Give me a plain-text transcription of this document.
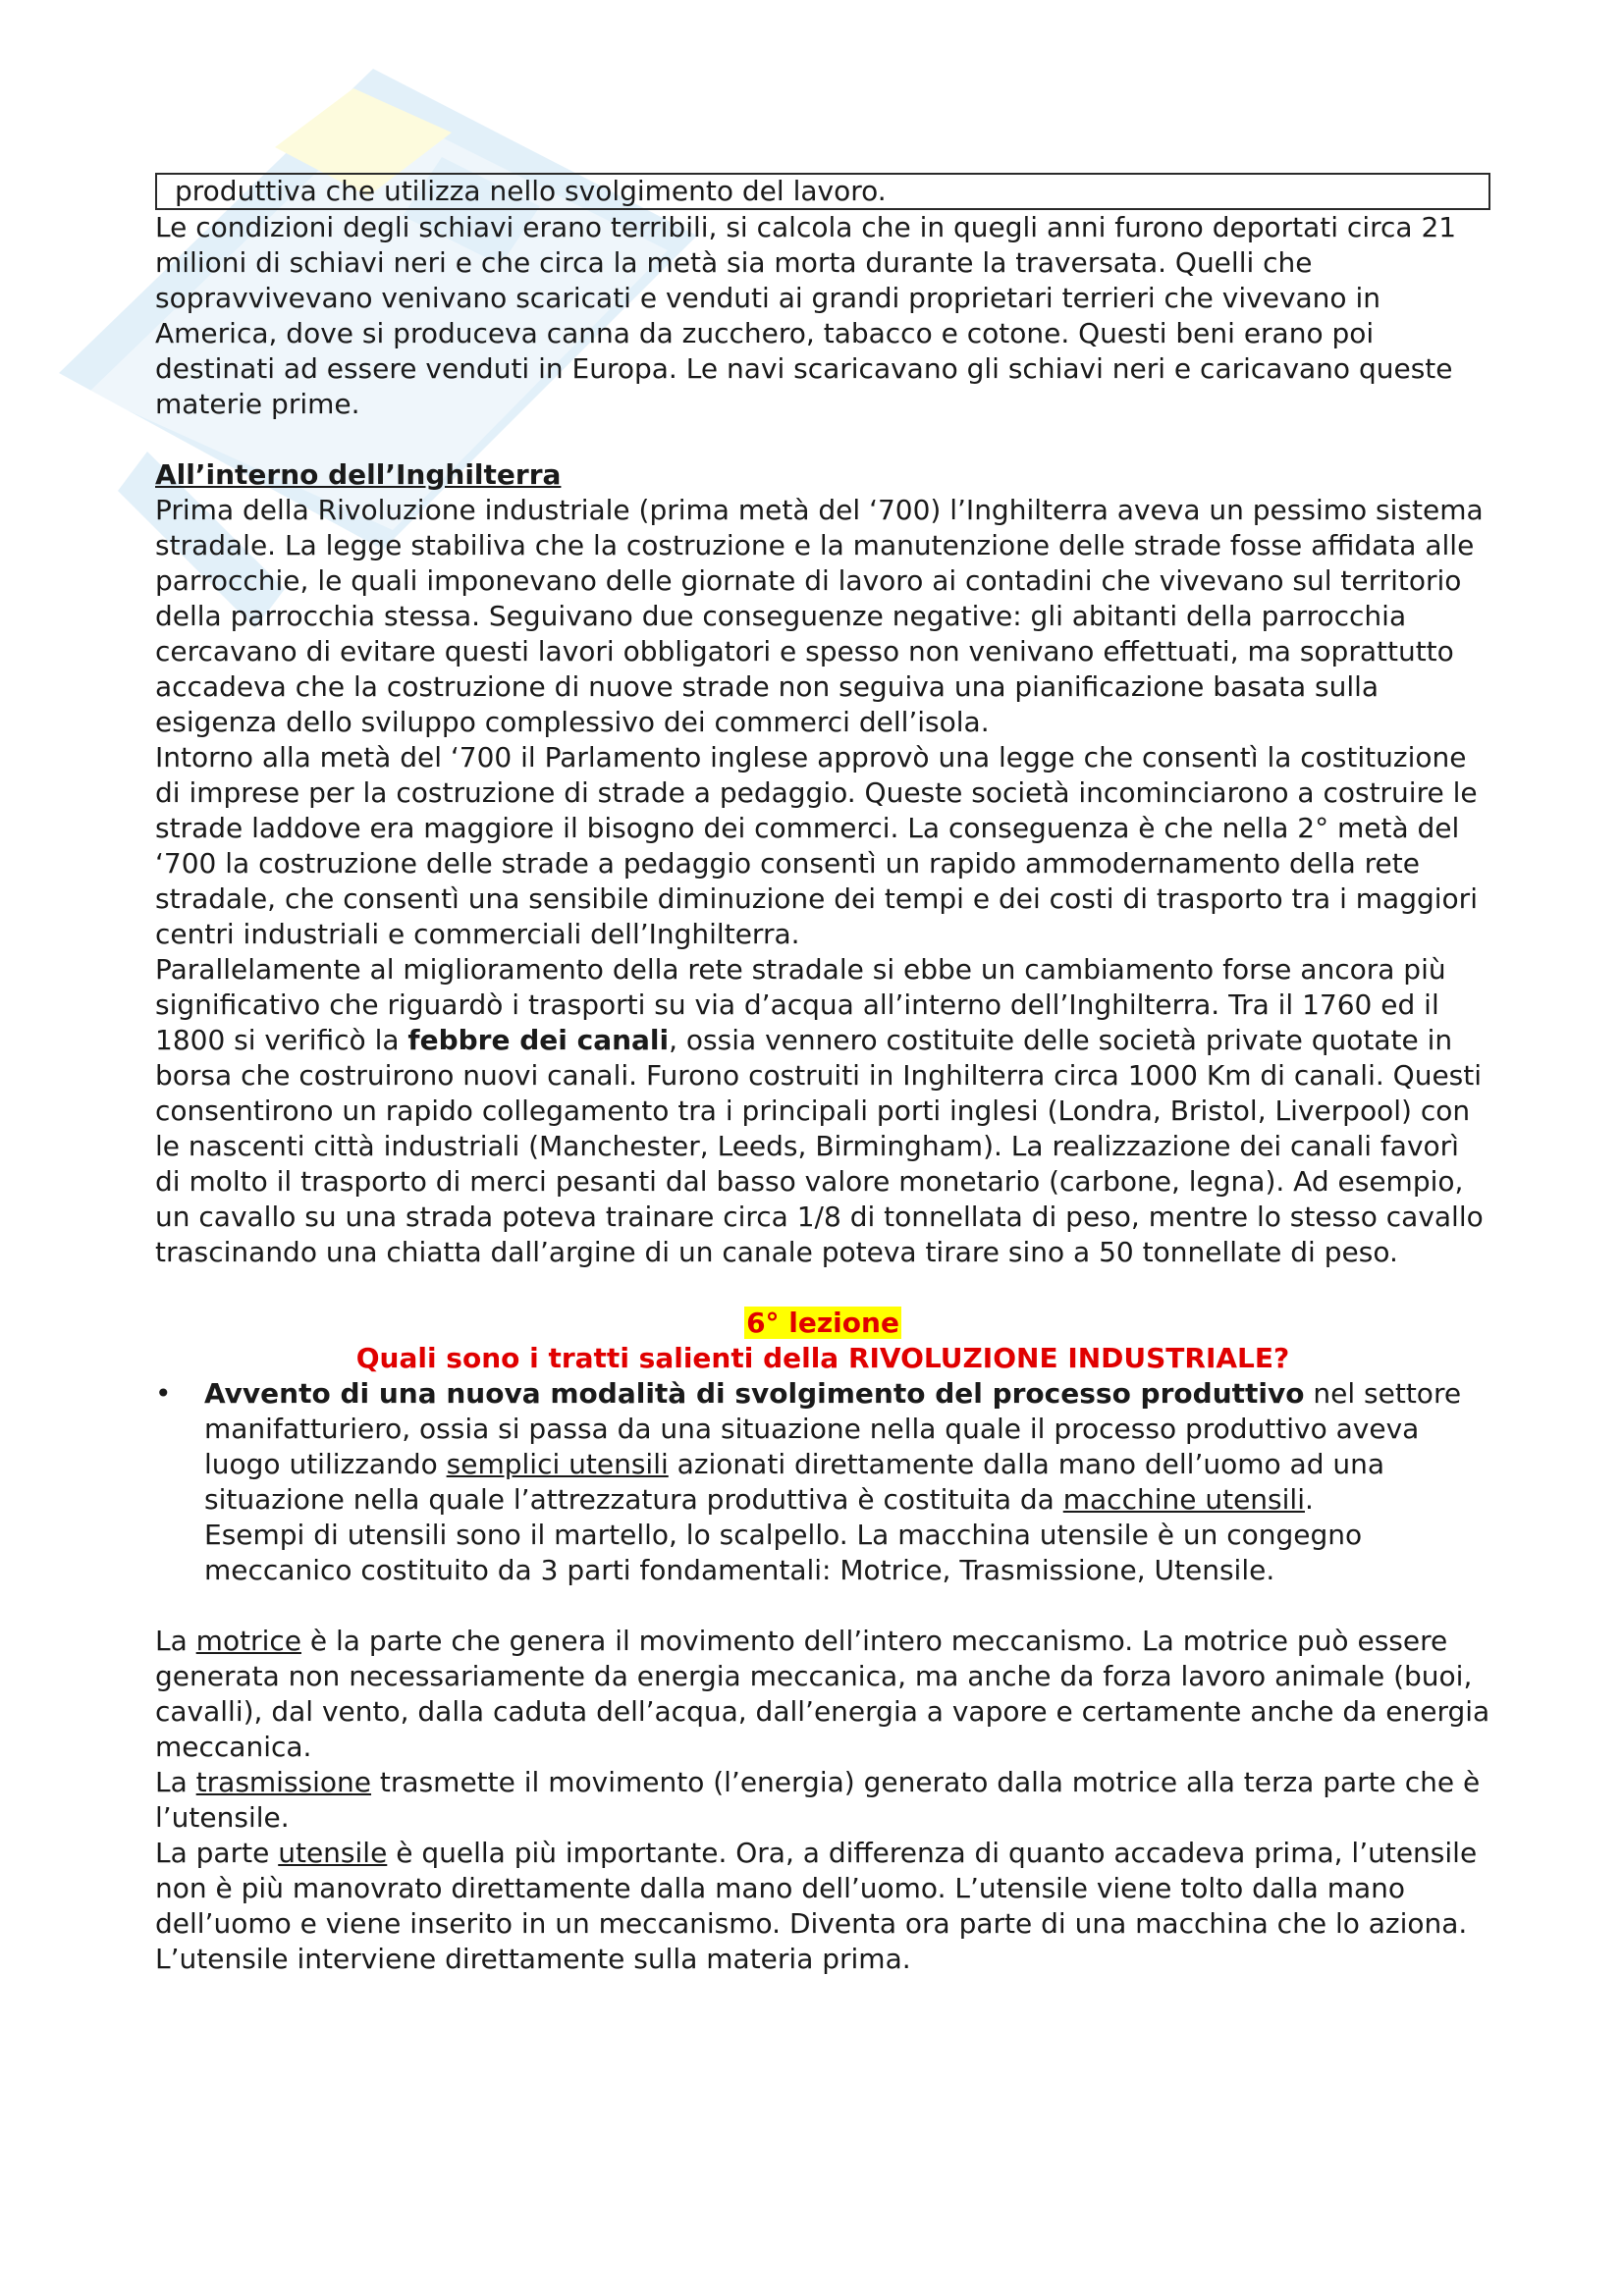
produttiva che utilizza nello svolgimento del lavoro.

Le condizioni degli schiavi erano terribili, si calcola che in quegli anni furono deportati circa 21 milioni di schiavi neri e che circa la metà sia morta durante la traversata. Quelli che sopravvivevano venivano scaricati e venduti ai grandi proprietari terrieri che vivevano in America, dove si produceva canna da zucchero, tabacco e cotone. Questi beni erano poi destinati ad essere venduti in Europa. Le navi scaricavano gli schiavi neri e caricavano queste materie prime.

All’interno dell’Inghilterra

Prima della Rivoluzione industriale (prima metà del ‘700) l’Inghilterra aveva un pessimo sistema stradale. La legge stabiliva che la costruzione e la manutenzione delle strade fosse affidata alle parrocchie, le quali imponevano delle giornate di lavoro ai contadini che vivevano sul territorio della parrocchia stessa. Seguivano due conseguenze negative: gli abitanti della parrocchia cercavano di evitare questi lavori obbligatori e spesso non venivano effettuati, ma soprattutto accadeva che la costruzione di nuove strade non seguiva una pianificazione basata sulla esigenza dello sviluppo complessivo dei commerci dell’isola.

Intorno alla metà del ‘700 il Parlamento inglese approvò una legge che consentì la costituzione di imprese per la costruzione di strade a pedaggio. Queste società incominciarono a costruire le strade laddove era maggiore il bisogno dei commerci. La conseguenza è che nella 2° metà del ‘700 la costruzione delle strade a pedaggio consentì un rapido ammodernamento della rete stradale, che consentì una sensibile diminuzione dei tempi e dei costi di trasporto tra i maggiori centri industriali e commerciali dell’Inghilterra.

Parallelamente al miglioramento della rete stradale si ebbe un cambiamento forse ancora più significativo che riguardò i trasporti su via d’acqua all’interno dell’Inghilterra. Tra il 1760 ed il 1800 si verificò la febbre dei canali, ossia vennero costituite delle società private quotate in borsa che costruirono nuovi canali. Furono costruiti in Inghilterra circa 1000 Km di canali. Questi consentirono un rapido collegamento tra i principali porti inglesi (Londra, Bristol, Liverpool) con le nascenti città industriali (Manchester, Leeds, Birmingham). La realizzazione dei canali favorì di molto il trasporto di merci pesanti dal basso valore monetario (carbone, legna). Ad esempio, un cavallo su una strada poteva trainare circa 1/8 di tonnellata di peso, mentre lo stesso cavallo trascinando una chiatta dall’argine di un canale poteva tirare sino a 50 tonnellate di peso.

6° lezione

Quali sono i tratti salienti della RIVOLUZIONE INDUSTRIALE?

• Avvento di una nuova modalità di svolgimento del processo produttivo nel settore manifatturiero, ossia si passa da una situazione nella quale il processo produttivo aveva luogo utilizzando semplici utensili azionati direttamente dalla mano dell’uomo ad una situazione nella quale l’attrezzatura produttiva è costituita da macchine utensili.

Esempi di utensili sono il martello, lo scalpello. La macchina utensile è un congegno meccanico costituito da 3 parti fondamentali: Motrice, Trasmissione, Utensile.

La motrice è la parte che genera il movimento dell’intero meccanismo. La motrice può essere generata non necessariamente da energia meccanica, ma anche da forza lavoro animale (buoi, cavalli), dal vento, dalla caduta dell’acqua, dall’energia a vapore e certamente anche da energia meccanica.

La trasmissione trasmette il movimento (l’energia) generato dalla motrice alla terza parte che è l’utensile.

La parte utensile è quella più importante. Ora, a differenza di quanto accadeva prima, l’utensile non è più manovrato direttamente dalla mano dell’uomo. L’utensile viene tolto dalla mano dell’uomo e viene inserito in un meccanismo. Diventa ora parte di una macchina che lo aziona. L’utensile interviene direttamente sulla materia prima.
